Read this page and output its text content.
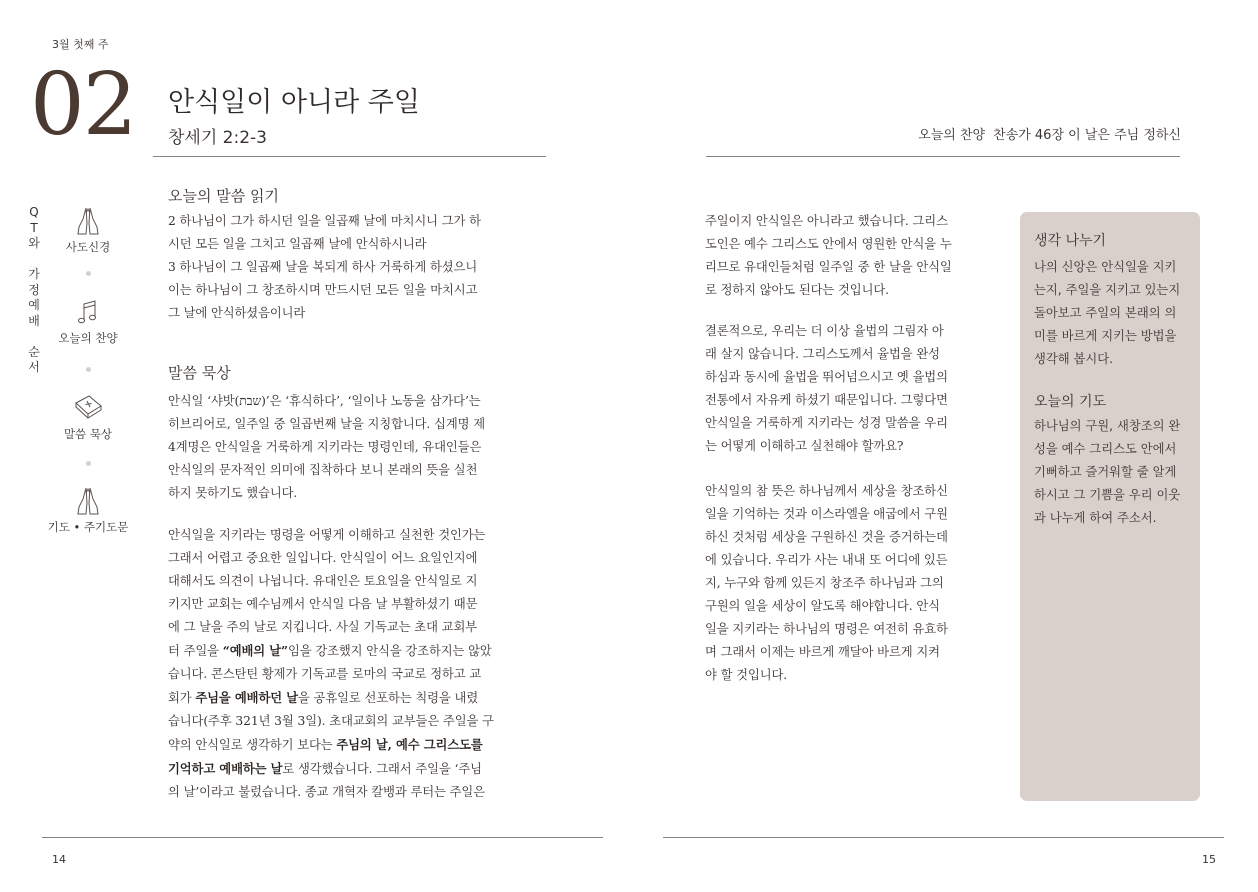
3월 첫째 주
02 안식일이 아니라 주일
창세기 2:2-3	오늘의 찬양 찬송가 46장 이 날은 주님 정하신
Q
T
와

가
정
예
배

순
서
사도신경
오늘의 찬양
말씀 묵상
기도 • 주기도문
오늘의 말씀 읽기
2 하나님이 그가 하시던 일을 일곱째 날에 마치시니 그가 하
시던 모든 일을 그치고 일곱째 날에 안식하시니라
3 하나님이 그 일곱째 날을 복되게 하사 거룩하게 하셨으니
이는 하나님이 그 창조하시며 만드시던 모든 일을 마치시고
그 날에 안식하셨음이니라
말씀 묵상
안식일 ‘샤밧(שבת)’은 ‘휴식하다’, ‘일이나 노동을 삼가다’는
히브리어로, 일주일 중 일곱번째 날을 지칭합니다. 십계명 제
4계명은 안식일을 거룩하게 지키라는 명령인데, 유대인들은
안식일의 문자적인 의미에 집착하다 보니 본래의 뜻을 실천
하지 못하기도 했습니다.
안식일을 지키라는 명령을 어떻게 이해하고 실천한 것인가는
그래서 어렵고 중요한 일입니다. 안식일이 어느 요일인지에
대해서도 의견이 나뉩니다. 유대인은 토요일을 안식일로 지
키지만 교회는 예수님께서 안식일 다음 날 부활하셨기 때문
에 그 날을 주의 날로 지킵니다. 사실 기독교는 초대 교회부
터 주일을 “예배의 날”임을 강조했지 안식을 강조하지는 않았
습니다. 콘스탄틴 황제가 기독교를 로마의 국교로 정하고 교
회가 주님을 예배하던 날을 공휴일로 선포하는 칙령을 내렸
습니다(주후 321년 3월 3일). 초대교회의 교부들은 주일을 구
약의 안식일로 생각하기 보다는 주님의 날, 예수 그리스도를
기억하고 예배하는 날로 생각했습니다. 그래서 주일을 ‘주님
의 날’이라고 불렀습니다. 종교 개혁자 칼뱅과 루터는 주일은
주일이지 안식일은 아니라고 했습니다. 그리스
도인은 예수 그리스도 안에서 영원한 안식을 누
리므로 유대인들처럼 일주일 중 한 날을 안식일
로 정하지 않아도 된다는 것입니다.
결론적으로, 우리는 더 이상 율법의 그림자 아
래 살지 않습니다. 그리스도께서 율법을 완성
하심과 동시에 율법을 뛰어넘으시고 옛 율법의
전통에서 자유케 하셨기 때문입니다. 그렇다면
안식일을 거룩하게 지키라는 성경 말씀을 우리
는 어떻게 이해하고 실천해야 할까요?
안식일의 참 뜻은 하나님께서 세상을 창조하신
일을 기억하는 것과 이스라엘을 애굽에서 구원
하신 것처럼 세상을 구원하신 것을 증거하는데
에 있습니다. 우리가 사는 내내 또 어디에 있든
지, 누구와 함께 있든지 창조주 하나님과 그의
구원의 일을 세상이 알도록 해야합니다. 안식
일을 지키라는 하나님의 명령은 여전히 유효하
며 그래서 이제는 바르게 깨달아 바르게 지켜
야 할 것입니다.
생각 나누기
나의 신앙은 안식일을 지키
는지, 주일을 지키고 있는지
돌아보고 주일의 본래의 의
미를 바르게 지키는 방법을
생각해 봅시다.
오늘의 기도
하나님의 구원, 새창조의 완
성을 예수 그리스도 안에서
기뻐하고 즐거워할 줄 알게
하시고 그 기쁨을 우리 이웃
과 나누게 하여 주소서.
14	15
